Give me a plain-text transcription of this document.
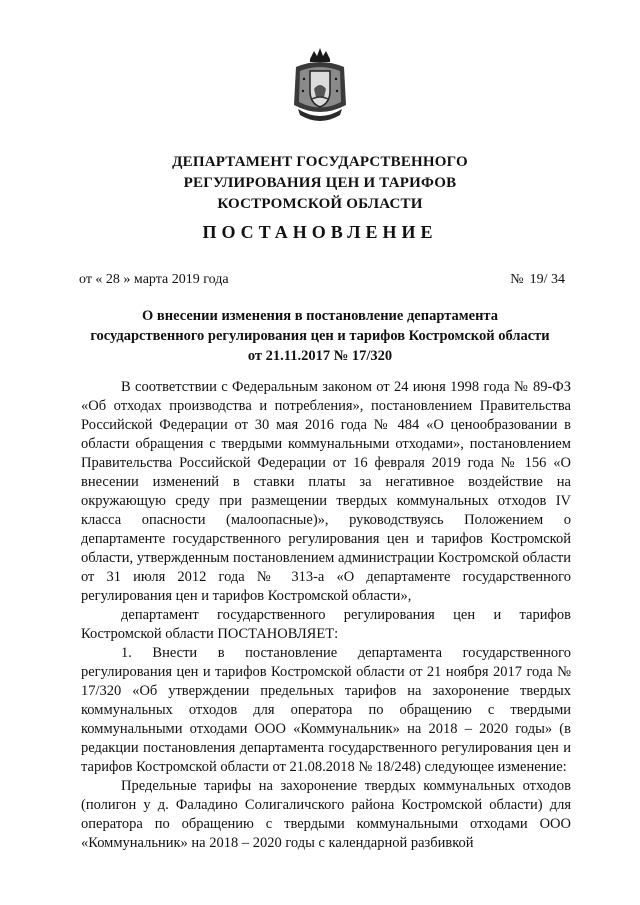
ДЕПАРТАМЕНТ ГОСУДАРСТВЕННОГО
РЕГУЛИРОВАНИЯ ЦЕН И ТАРИФОВ
КОСТРОМСКОЙ ОБЛАСТИ
ПОСТАНОВЛЕНИЕ
от « 28 » марта 2019 года	№ 19/ 34
О внесении изменения в постановление департамента
государственного регулирования цен и тарифов Костромской области
от 21.11.2017 № 17/320

В соответствии с Федеральным законом от 24 июня 1998 года № 89-ФЗ «Об отходах производства и потребления», постановлением Правительства Российской Федерации от 30 мая 2016 года № 484 «О ценообразовании в области обращения с твердыми коммунальными отходами», постановлением Правительства Российской Федерации от 16 февраля 2019 года № 156 «О внесении изменений в ставки платы за негативное воздействие на окружающую среду при размещении твердых коммунальных отходов IV класса опасности (малоопасные)», руководствуясь Положением о департаменте государственного регулирования цен и тарифов Костромской области, утвержденным постановлением администрации Костромской области от 31 июля 2012 года № 313-а «О департаменте государственного регулирования цен и тарифов Костромской области»,

департамент государственного регулирования цен и тарифов Костромской области ПОСТАНОВЛЯЕТ:

1. Внести в постановление департамента государственного регулирования цен и тарифов Костромской области от 21 ноября 2017 года № 17/320 «Об утверждении предельных тарифов на захоронение твердых коммунальных отходов для оператора по обращению с твердыми коммунальными отходами ООО «Коммунальник» на 2018 – 2020 годы» (в редакции постановления департамента государственного регулирования цен и тарифов Костромской области от 21.08.2018 № 18/248) следующее изменение:

Предельные тарифы на захоронение твердых коммунальных отходов (полигон у д. Фаладино Солигаличского района Костромской области) для оператора по обращению с твердыми коммунальными отходами ООО «Коммунальник» на 2018 – 2020 годы с календарной разбивкой
